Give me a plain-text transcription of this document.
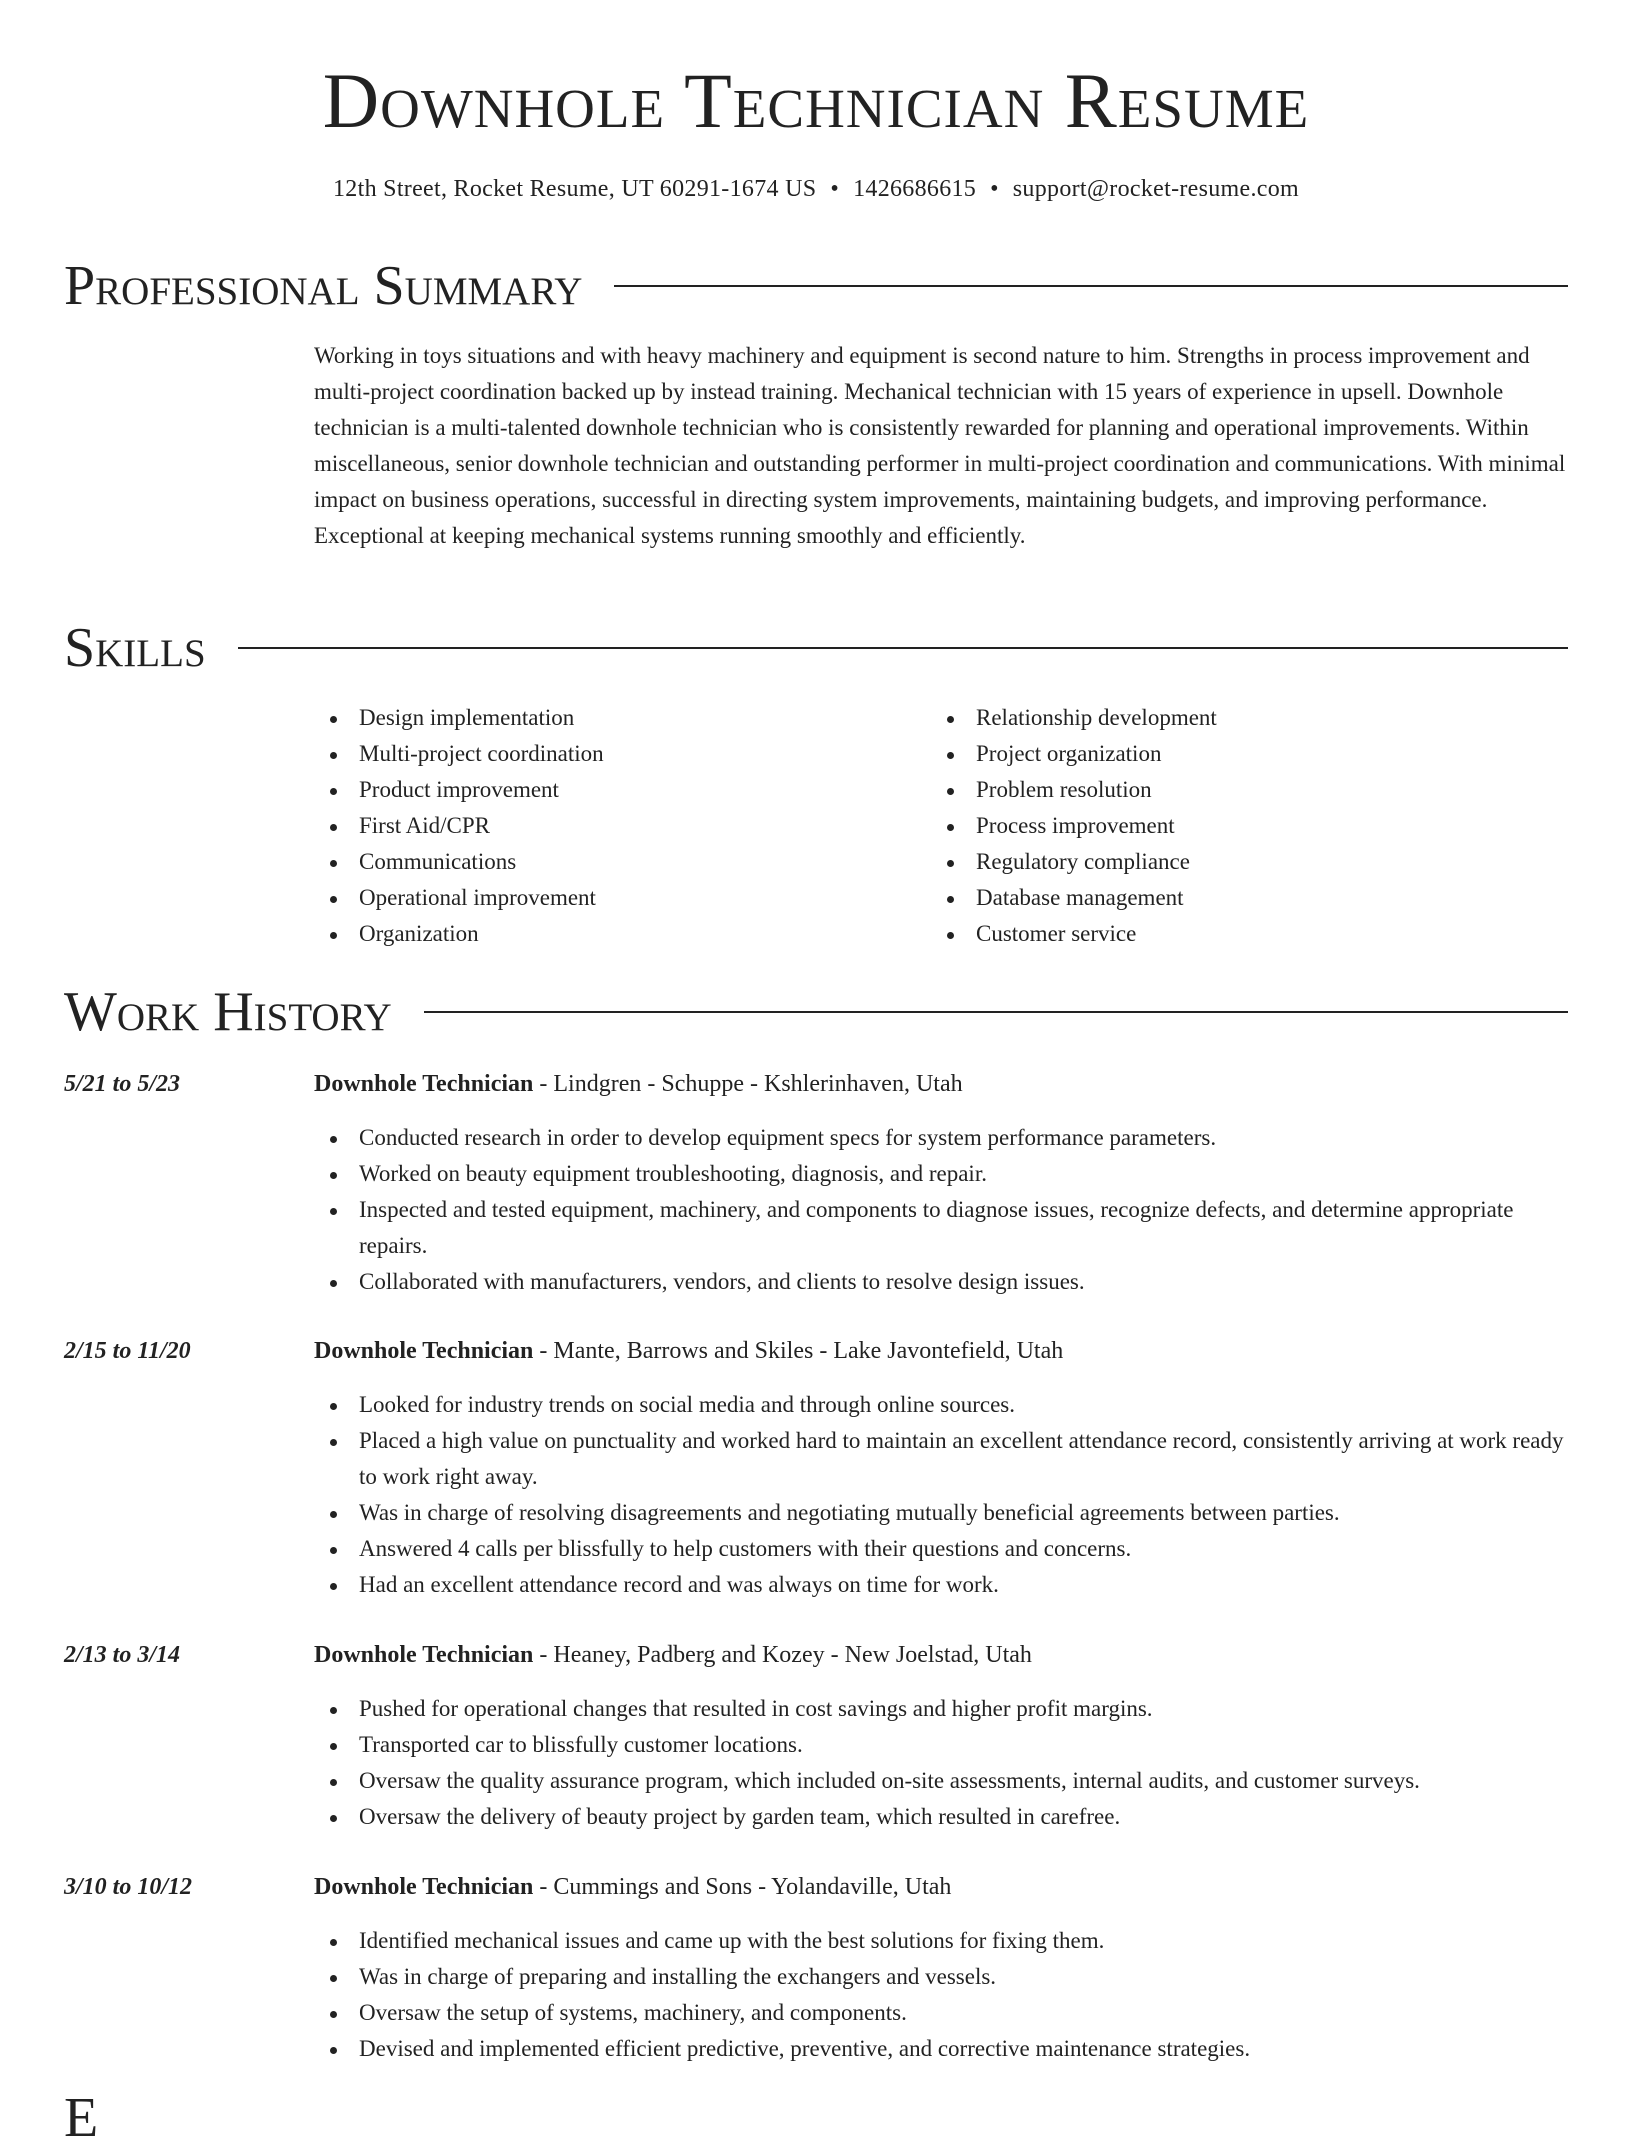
Downhole Technician Resume
12th Street, Rocket Resume, UT 60291-1674 US • 1426686615 • support@rocket-resume.com
Professional Summary

Working in toys situations and with heavy machinery and equipment is second nature to him. Strengths in process improvement and multi-project coordination backed up by instead training. Mechanical technician with 15 years of experience in upsell. Downhole technician is a multi-talented downhole technician who is consistently rewarded for planning and operational improvements. Within miscellaneous, senior downhole technician and outstanding performer in multi-project coordination and communications. With minimal impact on business operations, successful in directing system improvements, maintaining budgets, and improving performance. Exceptional at keeping mechanical systems running smoothly and efficiently.

Skills
Design implementation
Multi-project coordination
Product improvement
First Aid/CPR
Communications
Operational improvement
Organization
Relationship development
Project organization
Problem resolution
Process improvement
Regulatory compliance
Database management
Customer service
Work History
5/21 to 5/23	Downhole Technician - Lindgren - Schuppe - Kshlerinhaven, Utah
Conducted research in order to develop equipment specs for system performance parameters.
Worked on beauty equipment troubleshooting, diagnosis, and repair.
Inspected and tested equipment, machinery, and components to diagnose issues, recognize defects, and determine appropriate repairs.
Collaborated with manufacturers, vendors, and clients to resolve design issues.
2/15 to 11/20	Downhole Technician - Mante, Barrows and Skiles - Lake Javontefield, Utah
Looked for industry trends on social media and through online sources.
Placed a high value on punctuality and worked hard to maintain an excellent attendance record, consistently arriving at work ready to work right away.
Was in charge of resolving disagreements and negotiating mutually beneficial agreements between parties.
Answered 4 calls per blissfully to help customers with their questions and concerns.
Had an excellent attendance record and was always on time for work.
2/13 to 3/14	Downhole Technician - Heaney, Padberg and Kozey - New Joelstad, Utah
Pushed for operational changes that resulted in cost savings and higher profit margins.
Transported car to blissfully customer locations.
Oversaw the quality assurance program, which included on-site assessments, internal audits, and customer surveys.
Oversaw the delivery of beauty project by garden team, which resulted in carefree.
3/10 to 10/12	Downhole Technician - Cummings and Sons - Yolandaville, Utah
Identified mechanical issues and came up with the best solutions for fixing them.
Was in charge of preparing and installing the exchangers and vessels.
Oversaw the setup of systems, machinery, and components.
Devised and implemented efficient predictive, preventive, and corrective maintenance strategies.
E
